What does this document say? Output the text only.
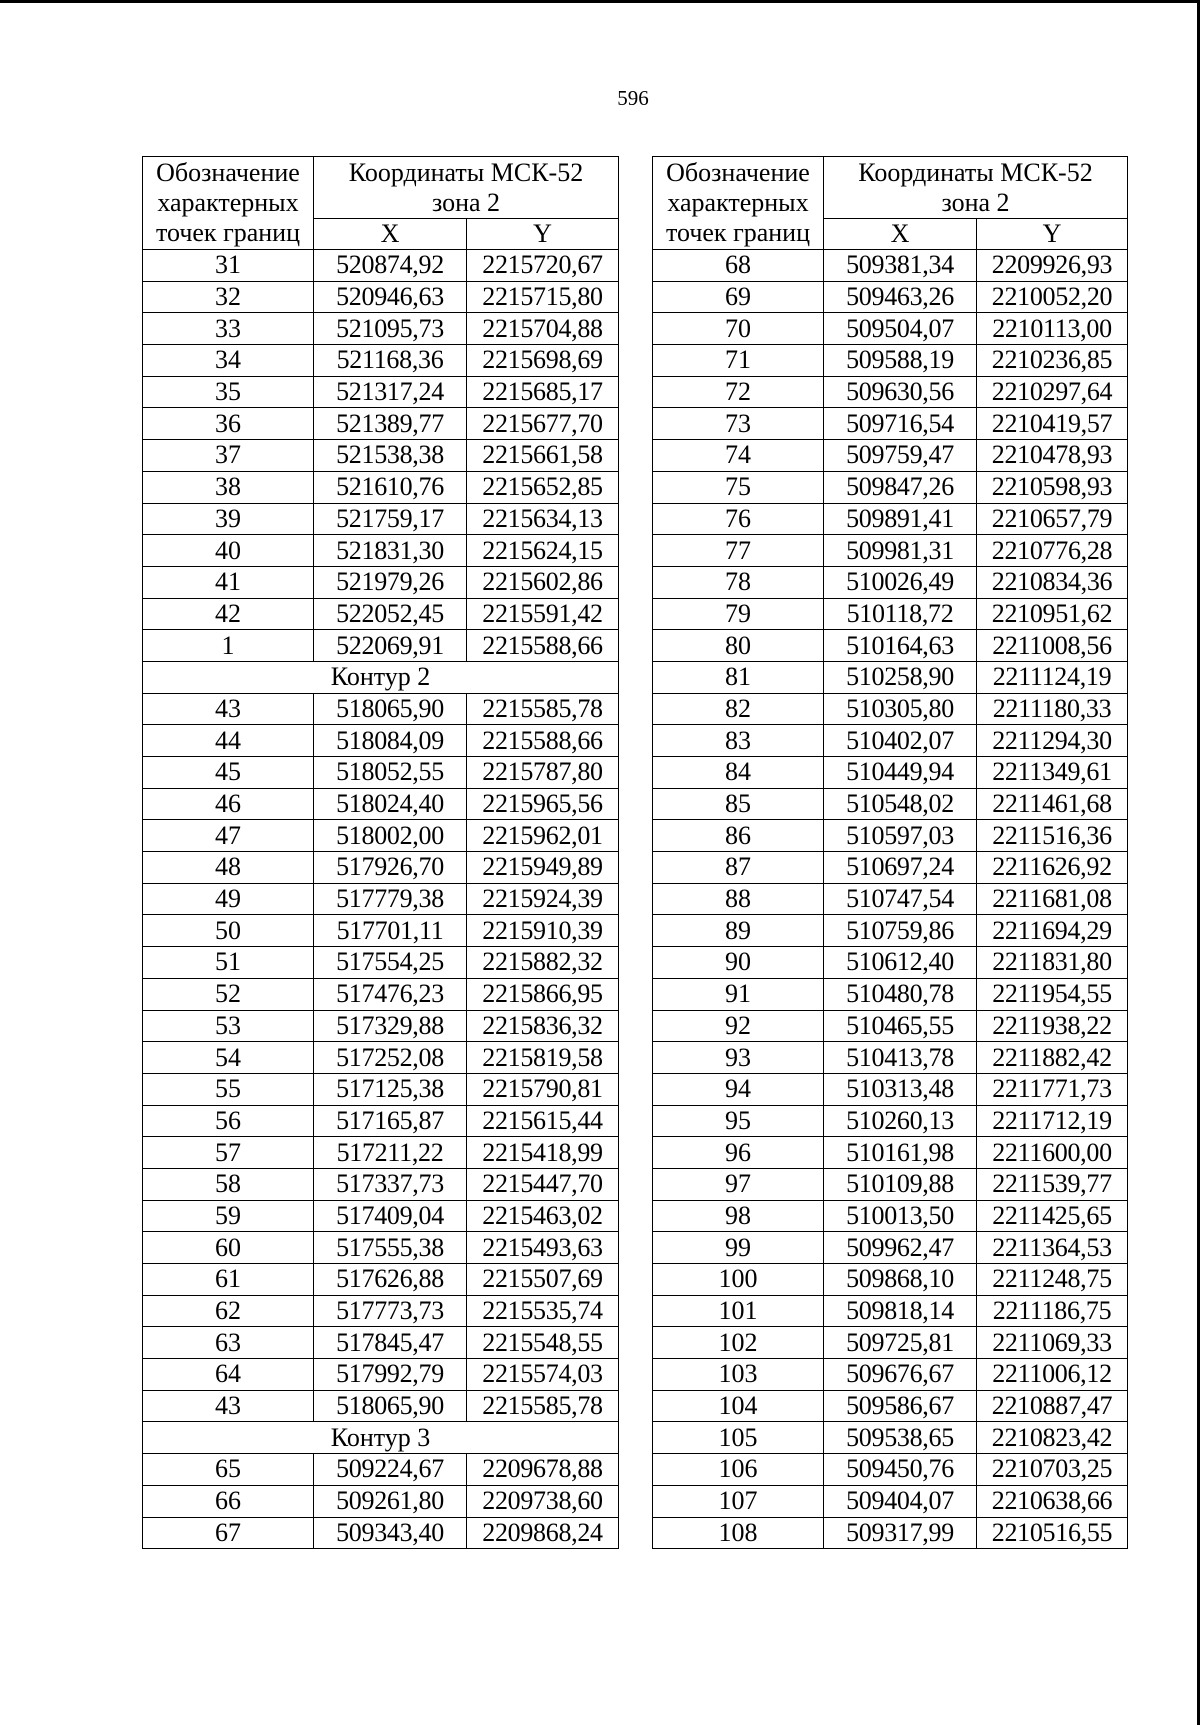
596
Обозначение
характерных
точек границ	Координаты МСК-52
зона 2	

	X	Y
31	520874,92	2215720,67
32	520946,63	2215715,80
33	521095,73	2215704,88
34	521168,36	2215698,69
35	521317,24	2215685,17
36	521389,77	2215677,70
37	521538,38	2215661,58
38	521610,76	2215652,85
39	521759,17	2215634,13
40	521831,30	2215624,15
41	521979,26	2215602,86
42	522052,45	2215591,42
1	522069,91	2215588,66
Контур 2		
43	518065,90	2215585,78
44	518084,09	2215588,66
45	518052,55	2215787,80
46	518024,40	2215965,56
47	518002,00	2215962,01
48	517926,70	2215949,89
49	517779,38	2215924,39
50	517701,11	2215910,39
51	517554,25	2215882,32
52	517476,23	2215866,95
53	517329,88	2215836,32
54	517252,08	2215819,58
55	517125,38	2215790,81
56	517165,87	2215615,44
57	517211,22	2215418,99
58	517337,73	2215447,70
59	517409,04	2215463,02
60	517555,38	2215493,63
61	517626,88	2215507,69
62	517773,73	2215535,74
63	517845,47	2215548,55
64	517992,79	2215574,03
43	518065,90	2215585,78
Контур 3		
65	509224,67	2209678,88
66	509261,80	2209738,60
67	509343,40	2209868,24
Обозначение
характерных
точек границ	Координаты МСК-52
зона 2	

	X	Y
68	509381,34	2209926,93
69	509463,26	2210052,20
70	509504,07	2210113,00
71	509588,19	2210236,85
72	509630,56	2210297,64
73	509716,54	2210419,57
74	509759,47	2210478,93
75	509847,26	2210598,93
76	509891,41	2210657,79
77	509981,31	2210776,28
78	510026,49	2210834,36
79	510118,72	2210951,62
80	510164,63	2211008,56
81	510258,90	2211124,19
82	510305,80	2211180,33
83	510402,07	2211294,30
84	510449,94	2211349,61
85	510548,02	2211461,68
86	510597,03	2211516,36
87	510697,24	2211626,92
88	510747,54	2211681,08
89	510759,86	2211694,29
90	510612,40	2211831,80
91	510480,78	2211954,55
92	510465,55	2211938,22
93	510413,78	2211882,42
94	510313,48	2211771,73
95	510260,13	2211712,19
96	510161,98	2211600,00
97	510109,88	2211539,77
98	510013,50	2211425,65
99	509962,47	2211364,53
100	509868,10	2211248,75
101	509818,14	2211186,75
102	509725,81	2211069,33
103	509676,67	2211006,12
104	509586,67	2210887,47
105	509538,65	2210823,42
106	509450,76	2210703,25
107	509404,07	2210638,66
108	509317,99	2210516,55
